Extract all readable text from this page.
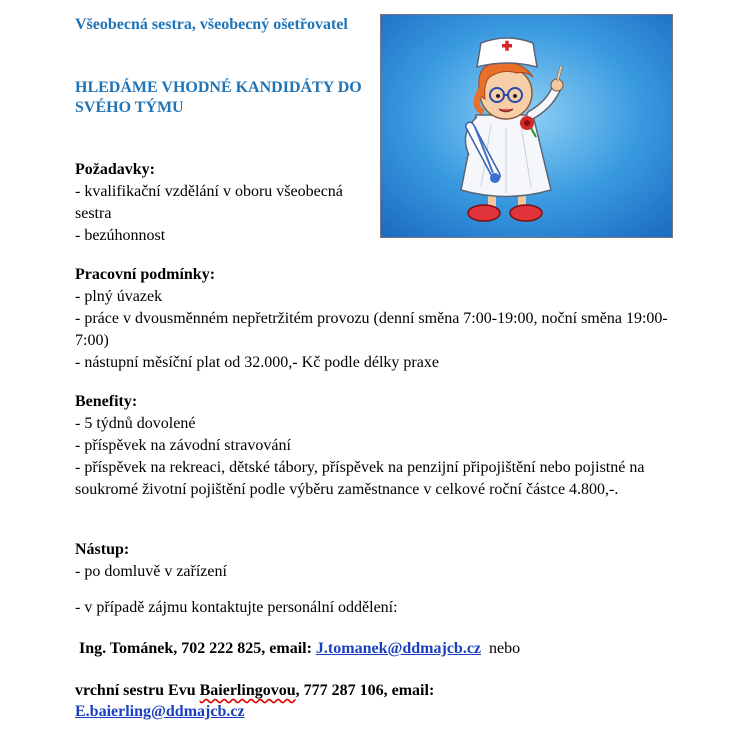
Všeobecná sestra, všeobecný ošetřovatel
HLEDÁME VHODNÉ KANDIDÁTY DO SVÉHO TÝMU
Požadavky:
- kvalifikační vzdělání v oboru všeobecná sestra
- bezúhonnost
Pracovní podmínky:
- plný úvazek
- práce v dvousměnném nepřetržitém provozu (denní směna 7:00-19:00, noční směna 19:00-7:00)
- nástupní měsíční plat od 32.000,- Kč podle délky praxe
Benefity:
- 5 týdnů dovolené
- příspěvek na závodní stravování
- příspěvek na rekreaci, dětské tábory, příspěvek na penzijní připojištění nebo pojistné na soukromé životní pojištění podle výběru zaměstnance v celkové roční částce 4.800,-.
Nástup:
- po domluvě v zařízení
- v případě zájmu kontaktujte personální oddělení:
Ing. Tománek, 702 222 825, email: J.tomanek@ddmajcb.cz nebo
vrchní sestru Evu Baierlingovou, 777 287 106, email:
E.baierling@ddmajcb.cz
